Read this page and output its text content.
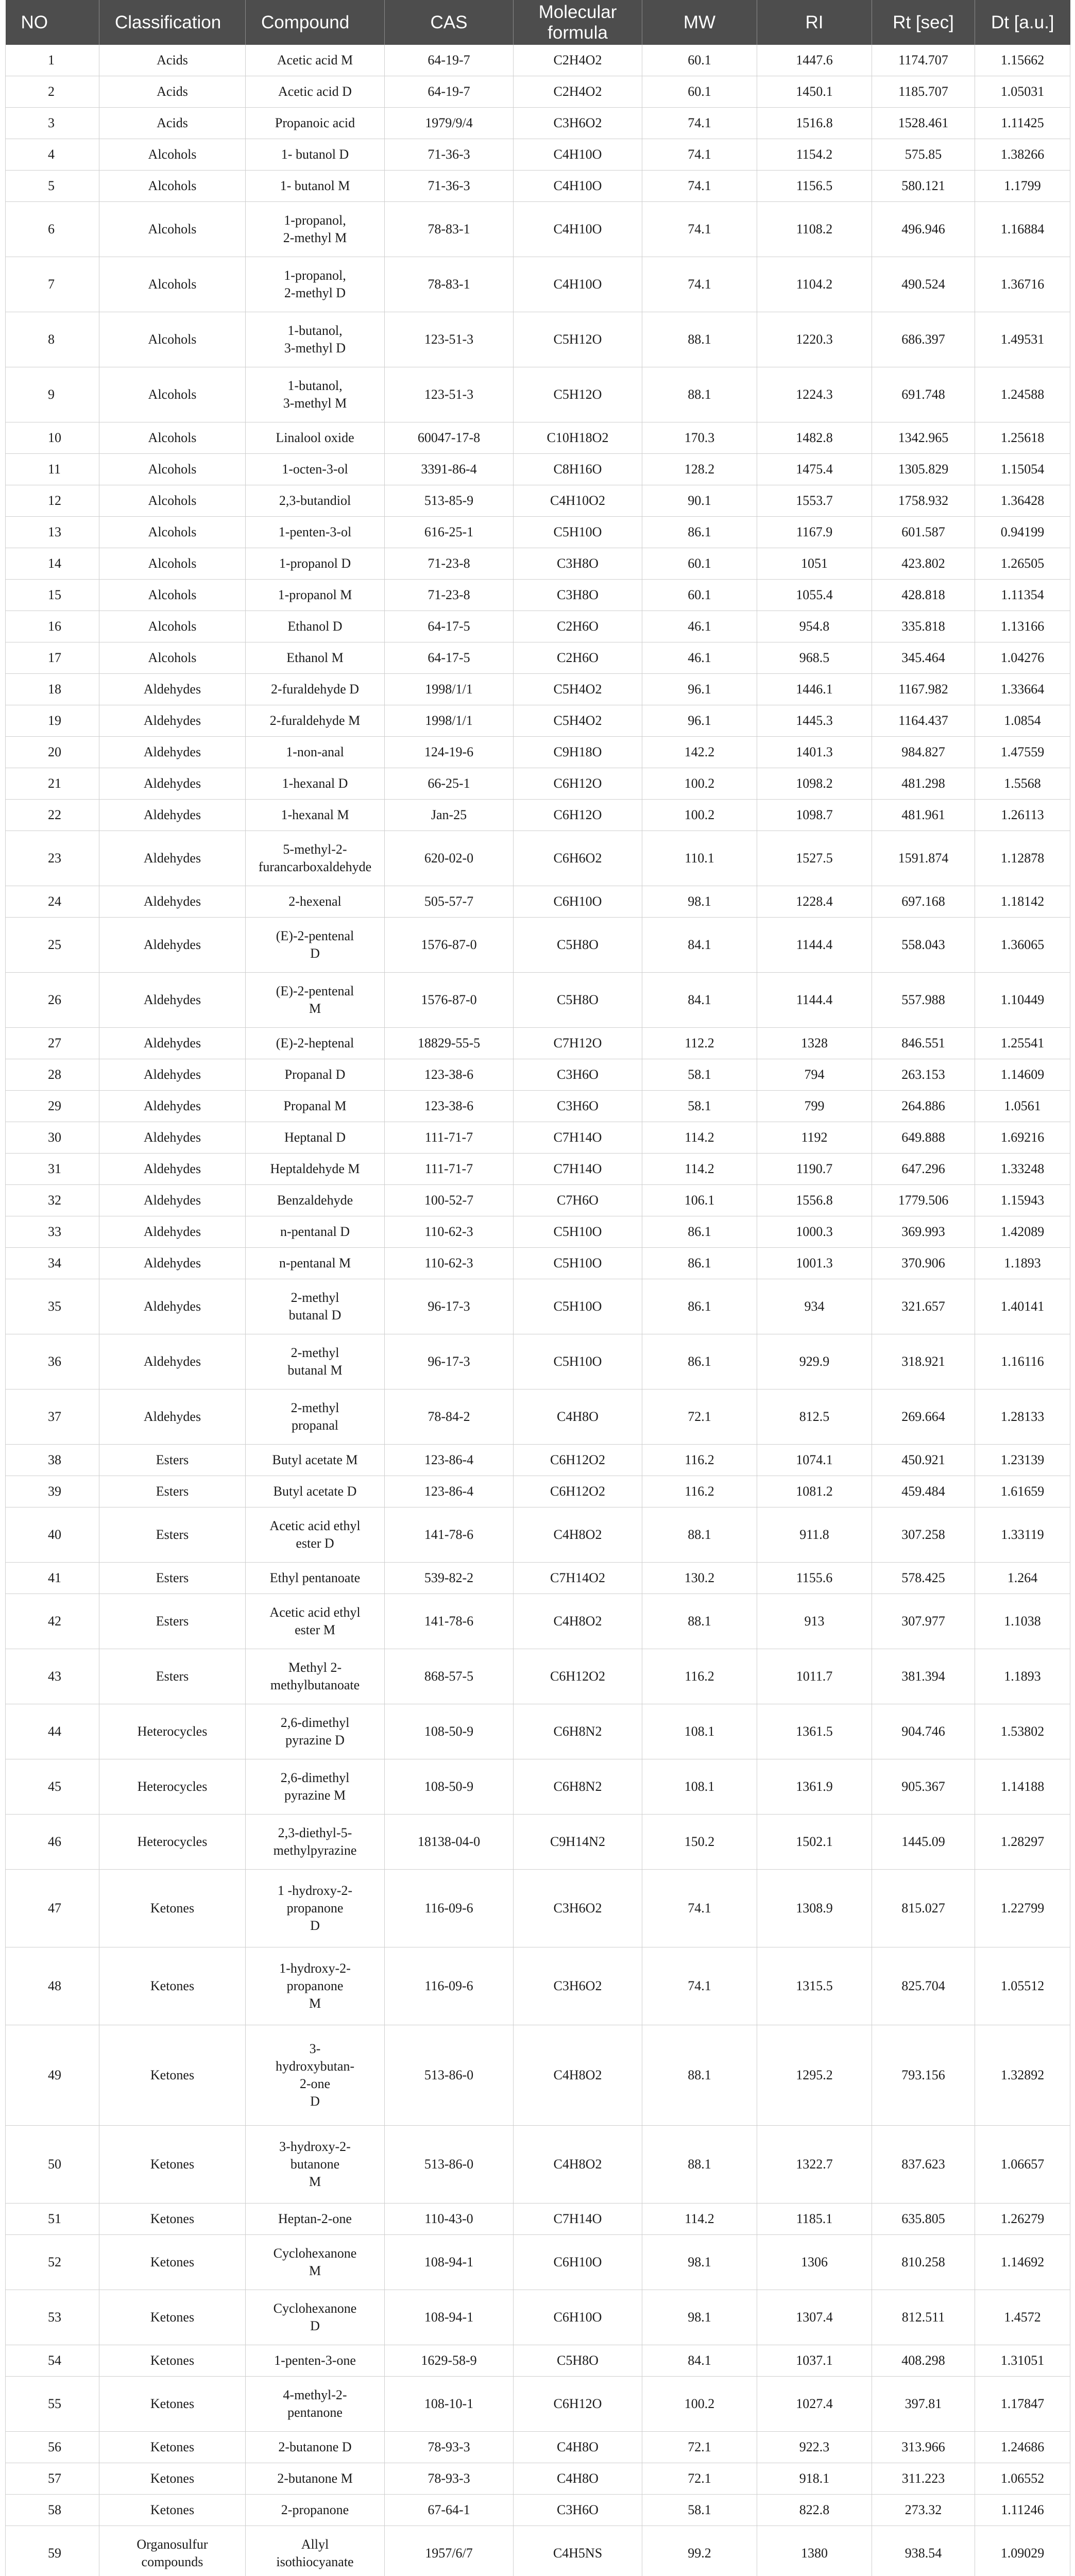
NO	Classification	Compound	CAS	Molecular formula	MW	RI	Rt [sec]	Dt [a.u.]
1	Acids	Acetic acid M	64-19-7	C2H4O2	60.1	1447.6	1174.707	1.15662
2	Acids	Acetic acid D	64-19-7	C2H4O2	60.1	1450.1	1185.707	1.05031
3	Acids	Propanoic acid	1979/9/4	C3H6O2	74.1	1516.8	1528.461	1.11425
4	Alcohols	1- butanol D	71-36-3	C4H10O	74.1	1154.2	575.85	1.38266
5	Alcohols	1- butanol M	71-36-3	C4H10O	74.1	1156.5	580.121	1.1799
6	Alcohols	1-propanol,
2-methyl M	78-83-1	C4H10O	74.1	1108.2	496.946	1.16884
7	Alcohols	1-propanol,
2-methyl D	78-83-1	C4H10O	74.1	1104.2	490.524	1.36716
8	Alcohols	1-butanol,
3-methyl D	123-51-3	C5H12O	88.1	1220.3	686.397	1.49531
9	Alcohols	1-butanol,
3-methyl M	123-51-3	C5H12O	88.1	1224.3	691.748	1.24588
10	Alcohols	Linalool oxide	60047-17-8	C10H18O2	170.3	1482.8	1342.965	1.25618
11	Alcohols	1-octen-3-ol	3391-86-4	C8H16O	128.2	1475.4	1305.829	1.15054
12	Alcohols	2,3-butandiol	513-85-9	C4H10O2	90.1	1553.7	1758.932	1.36428
13	Alcohols	1-penten-3-ol	616-25-1	C5H10O	86.1	1167.9	601.587	0.94199
14	Alcohols	1-propanol D	71-23-8	C3H8O	60.1	1051	423.802	1.26505
15	Alcohols	1-propanol M	71-23-8	C3H8O	60.1	1055.4	428.818	1.11354
16	Alcohols	Ethanol D	64-17-5	C2H6O	46.1	954.8	335.818	1.13166
17	Alcohols	Ethanol M	64-17-5	C2H6O	46.1	968.5	345.464	1.04276
18	Aldehydes	2-furaldehyde D	1998/1/1	C5H4O2	96.1	1446.1	1167.982	1.33664
19	Aldehydes	2-furaldehyde M	1998/1/1	C5H4O2	96.1	1445.3	1164.437	1.0854
20	Aldehydes	1-non-anal	124-19-6	C9H18O	142.2	1401.3	984.827	1.47559
21	Aldehydes	1-hexanal D	66-25-1	C6H12O	100.2	1098.2	481.298	1.5568
22	Aldehydes	1-hexanal M	Jan-25	C6H12O	100.2	1098.7	481.961	1.26113
23	Aldehydes	5-methyl-2-
furancarboxaldehyde	620-02-0	C6H6O2	110.1	1527.5	1591.874	1.12878
24	Aldehydes	2-hexenal	505-57-7	C6H10O	98.1	1228.4	697.168	1.18142
25	Aldehydes	(E)-2-pentenal
D	1576-87-0	C5H8O	84.1	1144.4	558.043	1.36065
26	Aldehydes	(E)-2-pentenal
M	1576-87-0	C5H8O	84.1	1144.4	557.988	1.10449
27	Aldehydes	(E)-2-heptenal	18829-55-5	C7H12O	112.2	1328	846.551	1.25541
28	Aldehydes	Propanal D	123-38-6	C3H6O	58.1	794	263.153	1.14609
29	Aldehydes	Propanal M	123-38-6	C3H6O	58.1	799	264.886	1.0561
30	Aldehydes	Heptanal D	111-71-7	C7H14O	114.2	1192	649.888	1.69216
31	Aldehydes	Heptaldehyde M	111-71-7	C7H14O	114.2	1190.7	647.296	1.33248
32	Aldehydes	Benzaldehyde	100-52-7	C7H6O	106.1	1556.8	1779.506	1.15943
33	Aldehydes	n-pentanal D	110-62-3	C5H10O	86.1	1000.3	369.993	1.42089
34	Aldehydes	n-pentanal M	110-62-3	C5H10O	86.1	1001.3	370.906	1.1893
35	Aldehydes	2-methyl
butanal D	96-17-3	C5H10O	86.1	934	321.657	1.40141
36	Aldehydes	2-methyl
butanal M	96-17-3	C5H10O	86.1	929.9	318.921	1.16116
37	Aldehydes	2-methyl
propanal	78-84-2	C4H8O	72.1	812.5	269.664	1.28133
38	Esters	Butyl acetate M	123-86-4	C6H12O2	116.2	1074.1	450.921	1.23139
39	Esters	Butyl acetate D	123-86-4	C6H12O2	116.2	1081.2	459.484	1.61659
40	Esters	Acetic acid ethyl
ester D	141-78-6	C4H8O2	88.1	911.8	307.258	1.33119
41	Esters	Ethyl pentanoate	539-82-2	C7H14O2	130.2	1155.6	578.425	1.264
42	Esters	Acetic acid ethyl
ester M	141-78-6	C4H8O2	88.1	913	307.977	1.1038
43	Esters	Methyl 2-
methylbutanoate	868-57-5	C6H12O2	116.2	1011.7	381.394	1.1893
44	Heterocycles	2,6-dimethyl
pyrazine D	108-50-9	C6H8N2	108.1	1361.5	904.746	1.53802
45	Heterocycles	2,6-dimethyl
pyrazine M	108-50-9	C6H8N2	108.1	1361.9	905.367	1.14188
46	Heterocycles	2,3-diethyl-5-
methylpyrazine	18138-04-0	C9H14N2	150.2	1502.1	1445.09	1.28297
47	Ketones	1 -hydroxy-2-
propanone
D	116-09-6	C3H6O2	74.1	1308.9	815.027	1.22799
48	Ketones	1-hydroxy-2-
propanone
M	116-09-6	C3H6O2	74.1	1315.5	825.704	1.05512
49	Ketones	3-
hydroxybutan-
2-one
D	513-86-0	C4H8O2	88.1	1295.2	793.156	1.32892
50	Ketones	3-hydroxy-2-
butanone
M	513-86-0	C4H8O2	88.1	1322.7	837.623	1.06657
51	Ketones	Heptan-2-one	110-43-0	C7H14O	114.2	1185.1	635.805	1.26279
52	Ketones	Cyclohexanone
M	108-94-1	C6H10O	98.1	1306	810.258	1.14692
53	Ketones	Cyclohexanone
D	108-94-1	C6H10O	98.1	1307.4	812.511	1.4572
54	Ketones	1-penten-3-one	1629-58-9	C5H8O	84.1	1037.1	408.298	1.31051
55	Ketones	4-methyl-2-
pentanone	108-10-1	C6H12O	100.2	1027.4	397.81	1.17847
56	Ketones	2-butanone D	78-93-3	C4H8O	72.1	922.3	313.966	1.24686
57	Ketones	2-butanone M	78-93-3	C4H8O	72.1	918.1	311.223	1.06552
58	Ketones	2-propanone	67-64-1	C3H6O	58.1	822.8	273.32	1.11246
59	Organosulfur
compounds	Allyl
isothiocyanate	1957/6/7	C4H5NS	99.2	1380	938.54	1.09029
